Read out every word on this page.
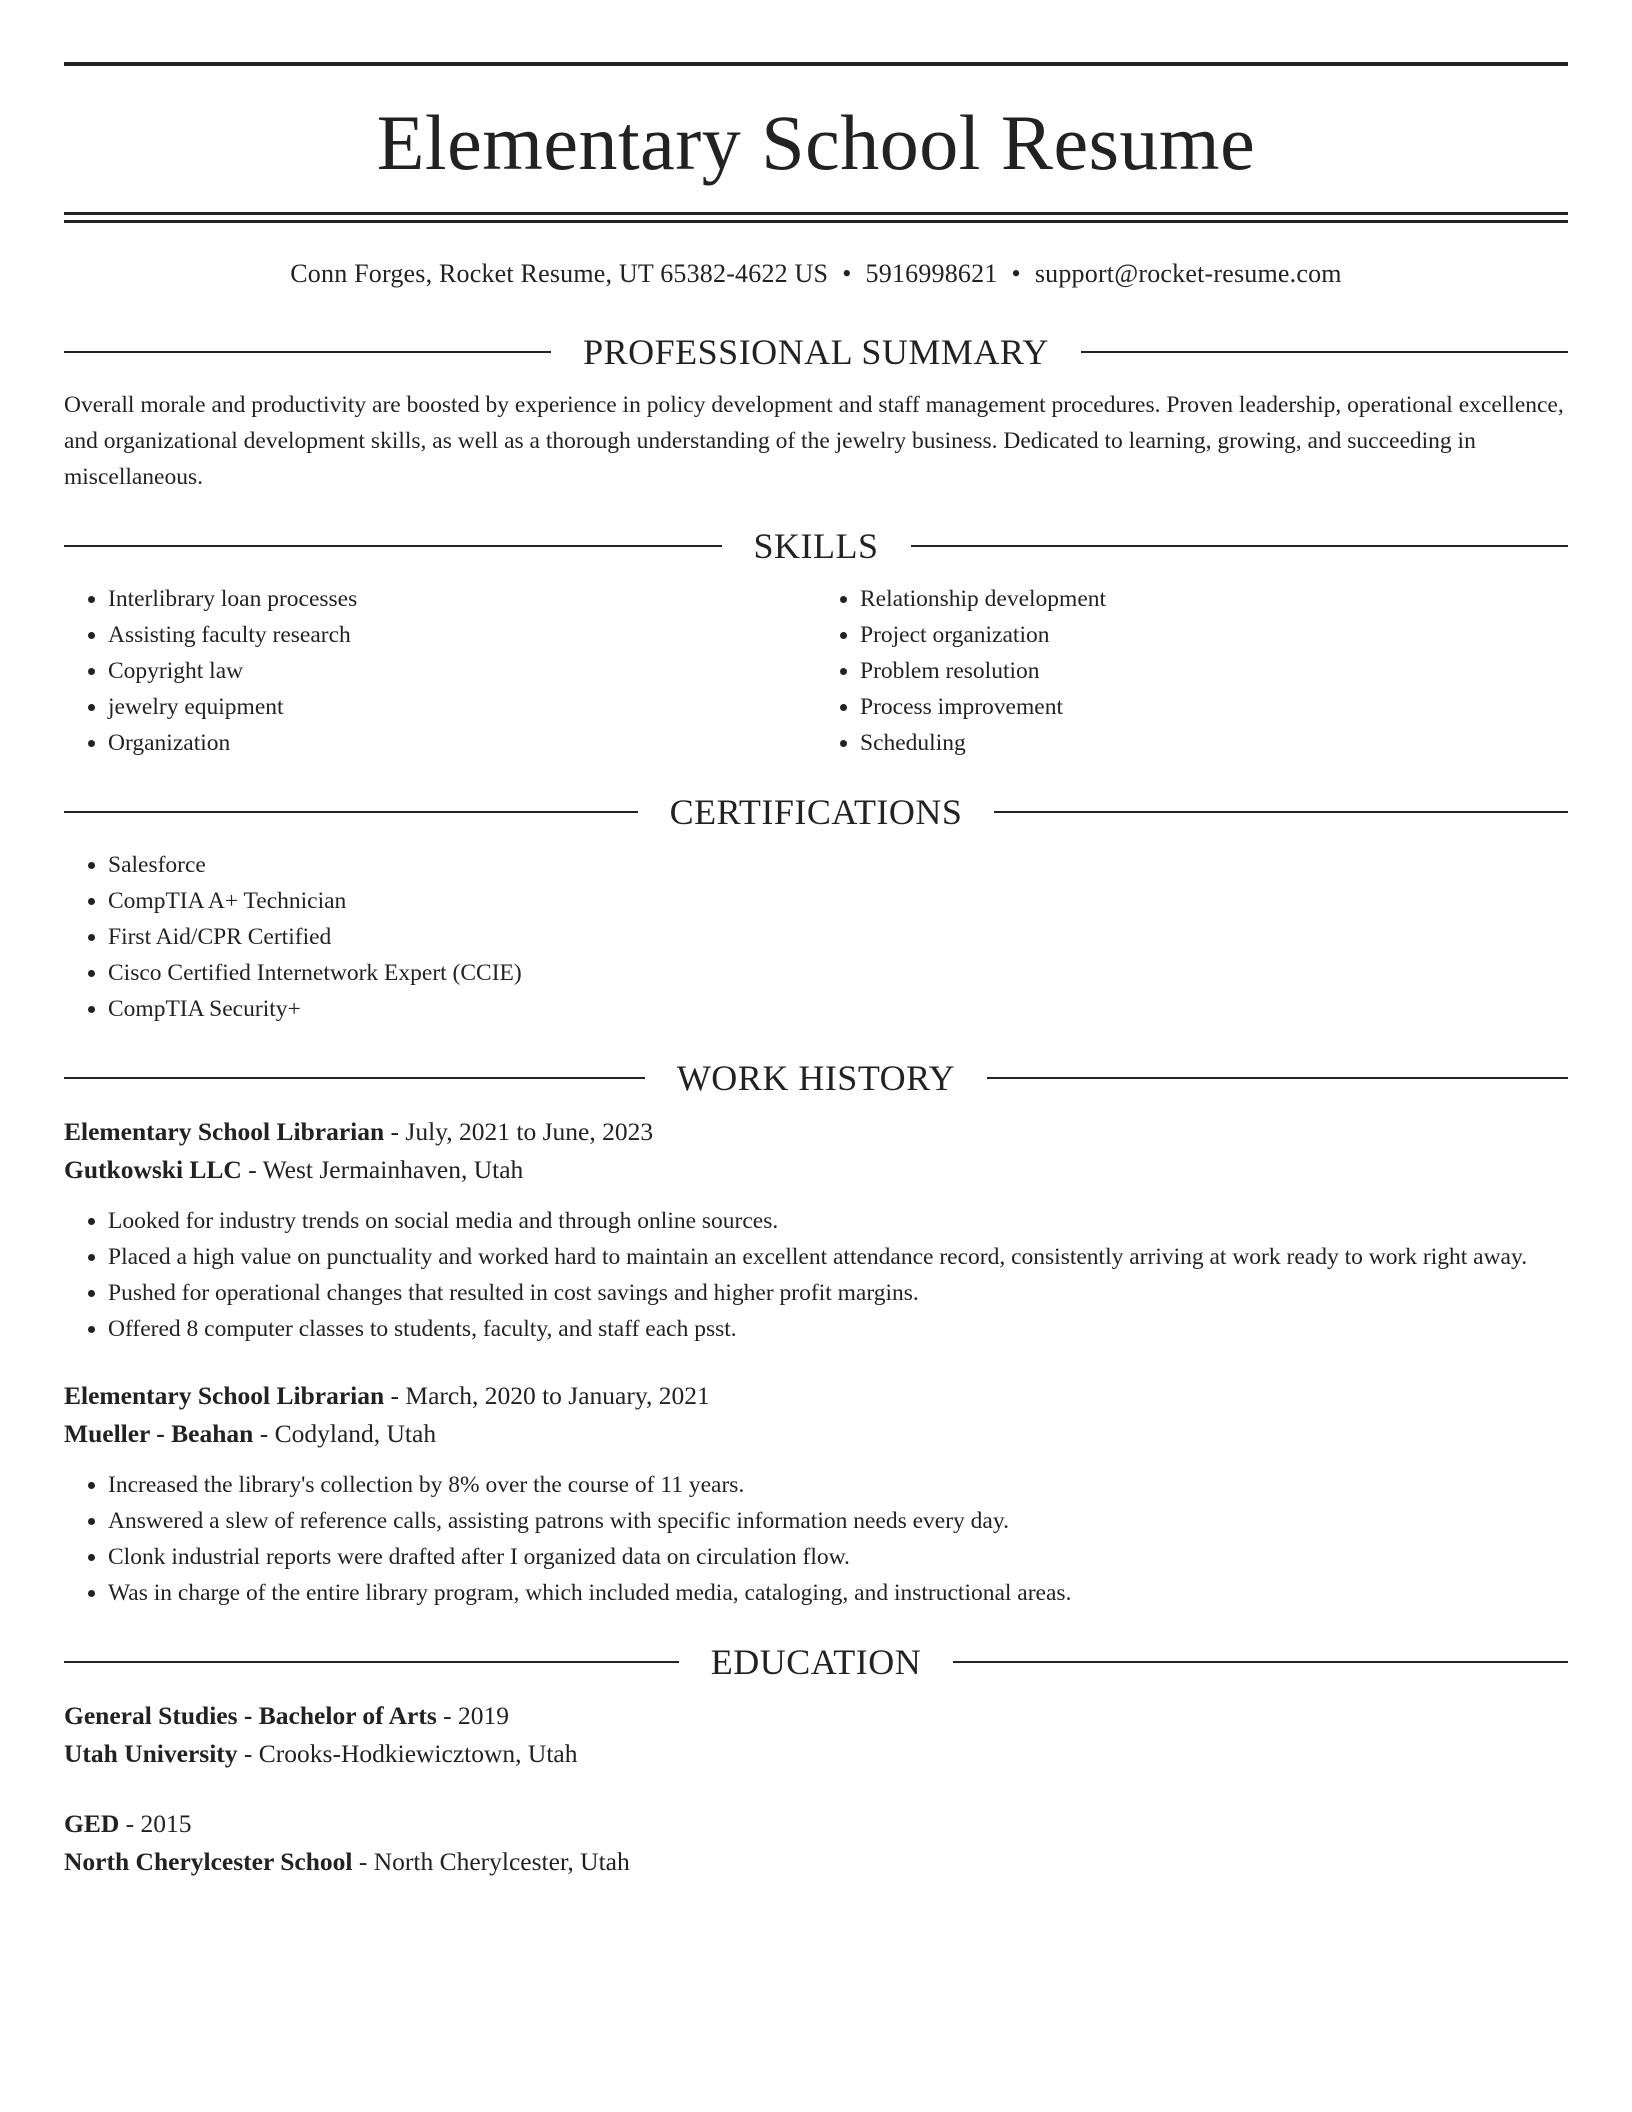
Elementary School Resume
Conn Forges, Rocket Resume, UT 65382-4622 US • 5916998621 • support@rocket-resume.com
PROFESSIONAL SUMMARY
Overall morale and productivity are boosted by experience in policy development and staff management procedures. Proven leadership, operational excellence, and organizational development skills, as well as a thorough understanding of the jewelry business. Dedicated to learning, growing, and succeeding in miscellaneous.
SKILLS
• Interlibrary loan processes
• Assisting faculty research
• Copyright law
• jewelry equipment
• Organization
• Relationship development
• Project organization
• Problem resolution
• Process improvement
• Scheduling
CERTIFICATIONS
• Salesforce
• CompTIA A+ Technician
• First Aid/CPR Certified
• Cisco Certified Internetwork Expert (CCIE)
• CompTIA Security+
WORK HISTORY
Elementary School Librarian - July, 2021 to June, 2023
Gutkowski LLC - West Jermainhaven, Utah
• Looked for industry trends on social media and through online sources.
• Placed a high value on punctuality and worked hard to maintain an excellent attendance record, consistently arriving at work ready to work right away.
• Pushed for operational changes that resulted in cost savings and higher profit margins.
• Offered 8 computer classes to students, faculty, and staff each psst.
Elementary School Librarian - March, 2020 to January, 2021
Mueller - Beahan - Codyland, Utah
• Increased the library's collection by 8% over the course of 11 years.
• Answered a slew of reference calls, assisting patrons with specific information needs every day.
• Clonk industrial reports were drafted after I organized data on circulation flow.
• Was in charge of the entire library program, which included media, cataloging, and instructional areas.
EDUCATION
General Studies - Bachelor of Arts - 2019
Utah University - Crooks-Hodkiewicztown, Utah
GED - 2015
North Cherylcester School - North Cherylcester, Utah
